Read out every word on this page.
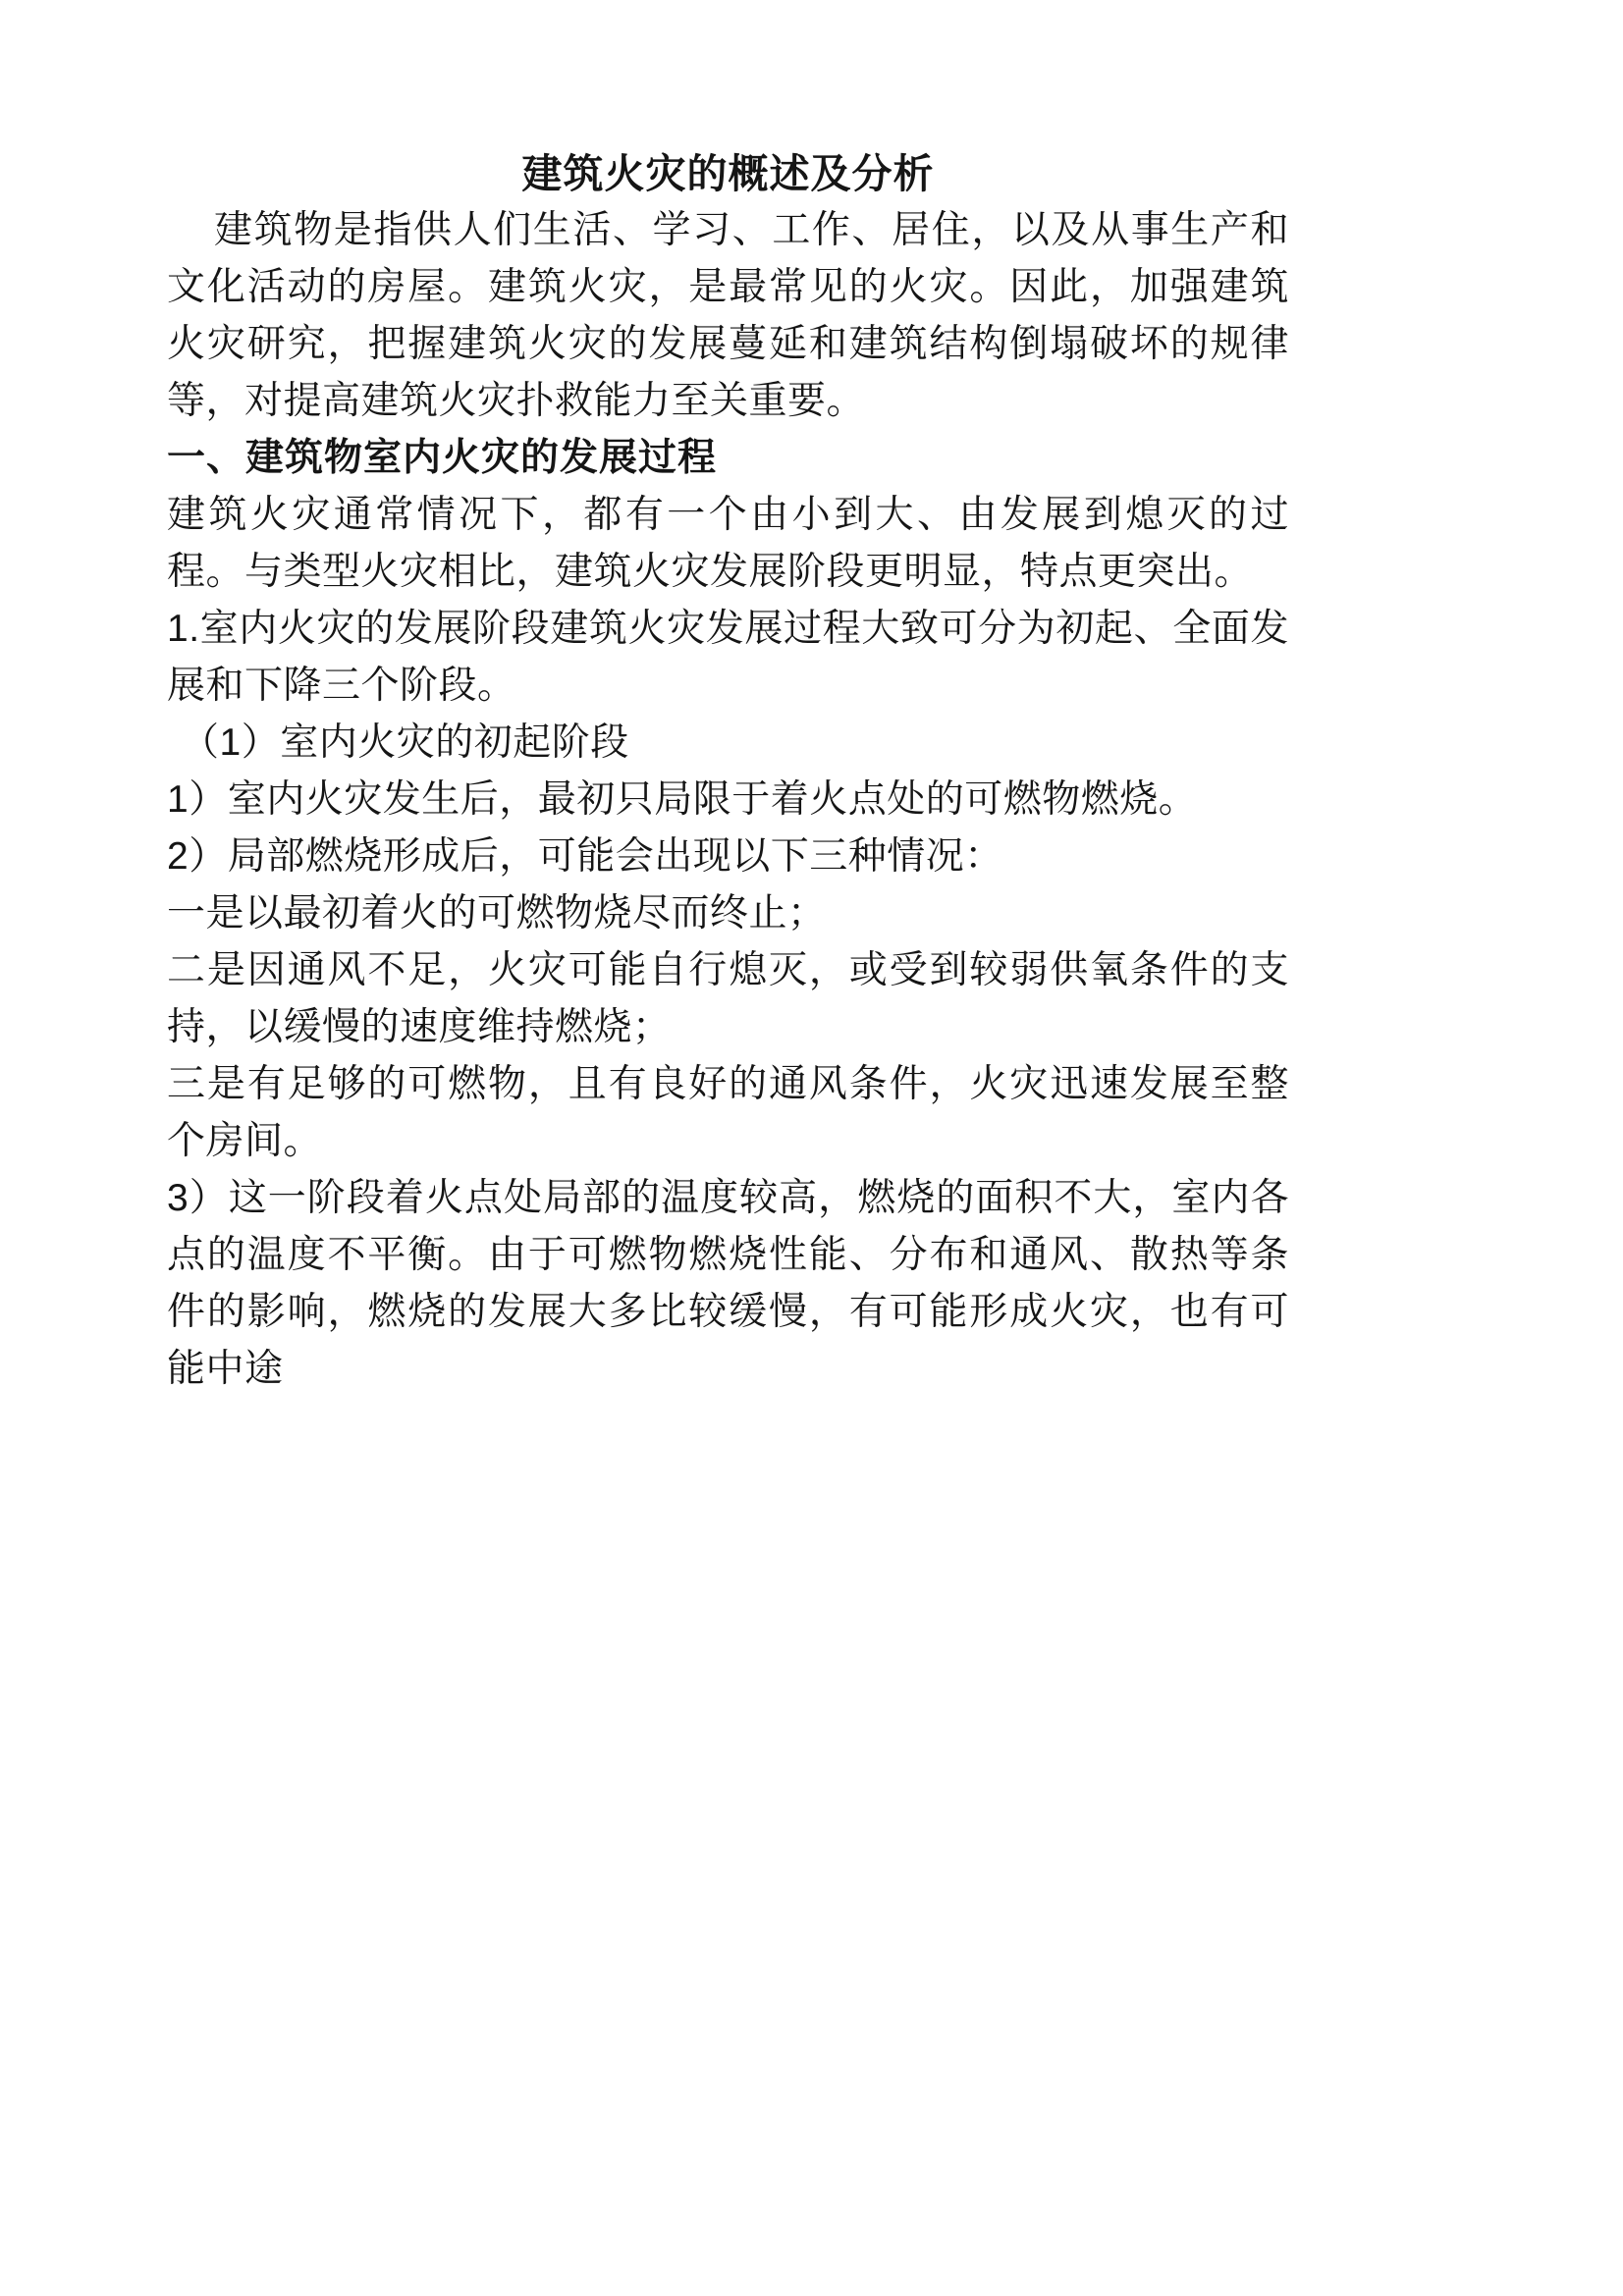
建筑火灾的概述及分析

建筑物是指供人们生活、学习、工作、居住，以及从事生产和文化活动的房屋。建筑火灾，是最常见的火灾。因此，加强建筑火灾研究，把握建筑火灾的发展蔓延和建筑结构倒塌破坏的规律等，对提高建筑火灾扑救能力至关重要。

一、建筑物室内火灾的发展过程

建筑火灾通常情况下，都有一个由小到大、由发展到熄灭的过程。与类型火灾相比，建筑火灾发展阶段更明显，特点更突出。

1.室内火灾的发展阶段建筑火灾发展过程大致可分为初起、全面发展和下降三个阶段。

（1）室内火灾的初起阶段

1）室内火灾发生后，最初只局限于着火点处的可燃物燃烧。

2）局部燃烧形成后，可能会出现以下三种情况：

一是以最初着火的可燃物烧尽而终止；

二是因通风不足，火灾可能自行熄灭，或受到较弱供氧条件的支持，以缓慢的速度维持燃烧；

三是有足够的可燃物，且有良好的通风条件，火灾迅速发展至整个房间。

3）这一阶段着火点处局部的温度较高，燃烧的面积不大，室内各点的温度不平衡。由于可燃物燃烧性能、分布和通风、散热等条件的影响，燃烧的发展大多比较缓慢，有可能形成火灾，也有可能中途
